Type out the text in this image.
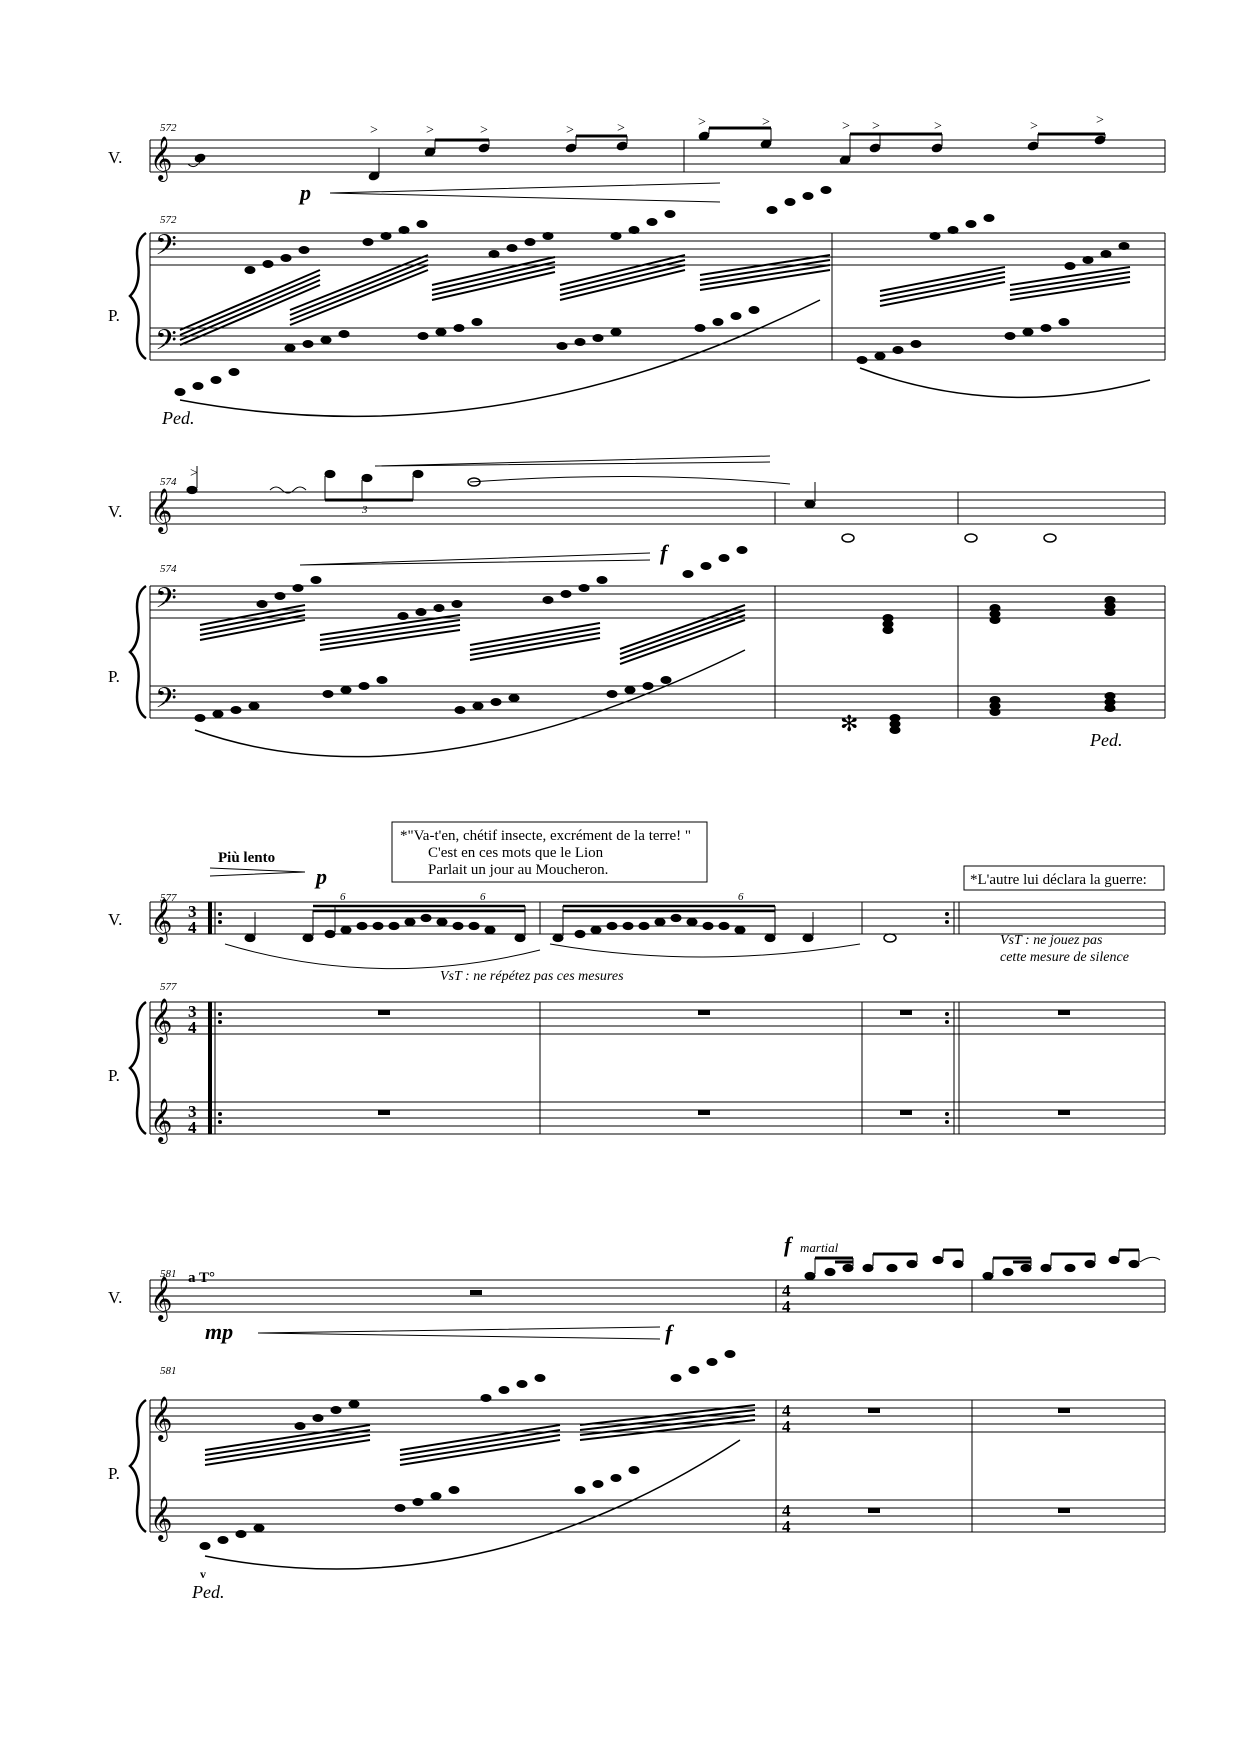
572
V.
P.
𝄞
>	>	>	>	>	>	>	> >	>	>	>
p
572
𝄢
𝄢
Ped.
574
V.
P.
𝄞
>
3
574
𝄢
𝄢
f
✻
Ped.
*"Va-t'en, chétif insecte, excrément de la terre! "
C'est en ces mots que le Lion
Parlait un jour au Moucheron.
*L'autre lui déclara la guerre:
Più lento
p
577
V. 𝄞 3
4
6	6	6
VsT : ne répétez pas ces mesures
VsT : ne jouez pas
cette mesure de silence
577
P.
𝄞
𝄞
3
4
3
4
f martial
581 a T°
V. 𝄞	4
4
mp	f
581
P.
𝄞
𝄞
v
Ped.
4
4
4
4
